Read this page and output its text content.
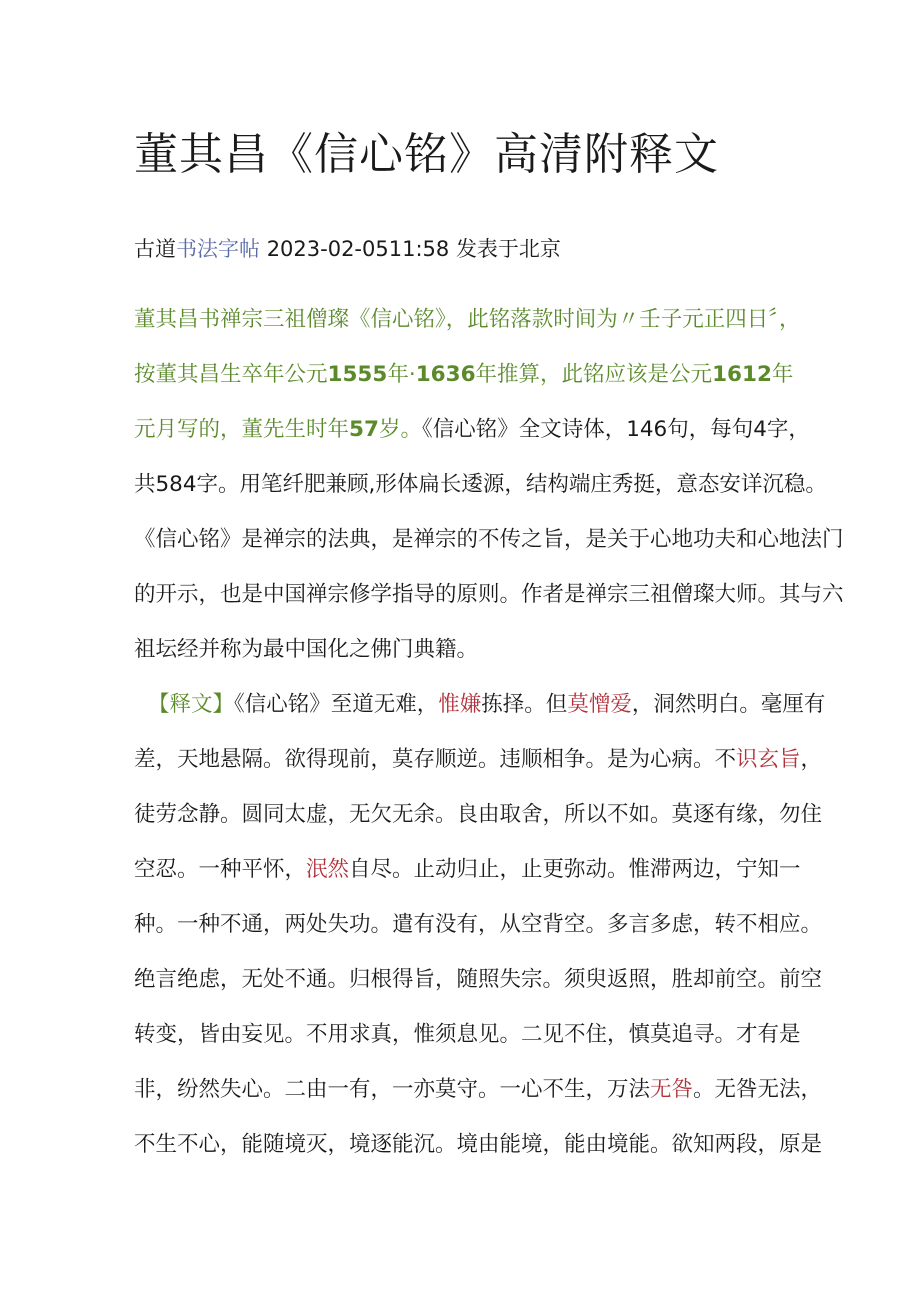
董其昌《信心铭》高清附释文

古道书法字帖 2023-02-0511:58 发表于北京

董其昌书禅宗三祖僧璨《信心铭》，此铭落款时间为〃壬子元正四日〞，
按董其昌生卒年公元1555年·1636年推算，此铭应该是公元1612年
元月写的，董先生时年57岁。《信心铭》全文诗体，146句，每句4字，
共584字。用笔纤肥兼顾,形体扁长逶源，结构端庄秀挺，意态安详沉稳。
《信心铭》是禅宗的法典，是禅宗的不传之旨，是关于心地功夫和心地法门
的开示，也是中国禅宗修学指导的原则。作者是禅宗三祖僧璨大师。其与六
祖坛经并称为最中国化之佛门典籍。
【释文】《信心铭》至道无难，惟嫌拣择。但莫憎爱，洞然明白。毫厘有
差，天地悬隔。欲得现前，莫存顺逆。违顺相争。是为心病。不识玄旨，
徒劳念静。圆同太虚，无欠无余。良由取舍，所以不如。莫逐有缘，勿住
空忍。一种平怀，泯然自尽。止动归止，止更弥动。惟滞两边，宁知一
种。一种不通，两处失功。遣有没有，从空背空。多言多虑，转不相应。
绝言绝虑，无处不通。归根得旨，随照失宗。须臾返照，胜却前空。前空
转变，皆由妄见。不用求真，惟须息见。二见不住，慎莫追寻。才有是
非，纷然失心。二由一有，一亦莫守。一心不生，万法无咎。无咎无法，
不生不心，能随境灭，境逐能沉。境由能境，能由境能。欲知两段，原是
